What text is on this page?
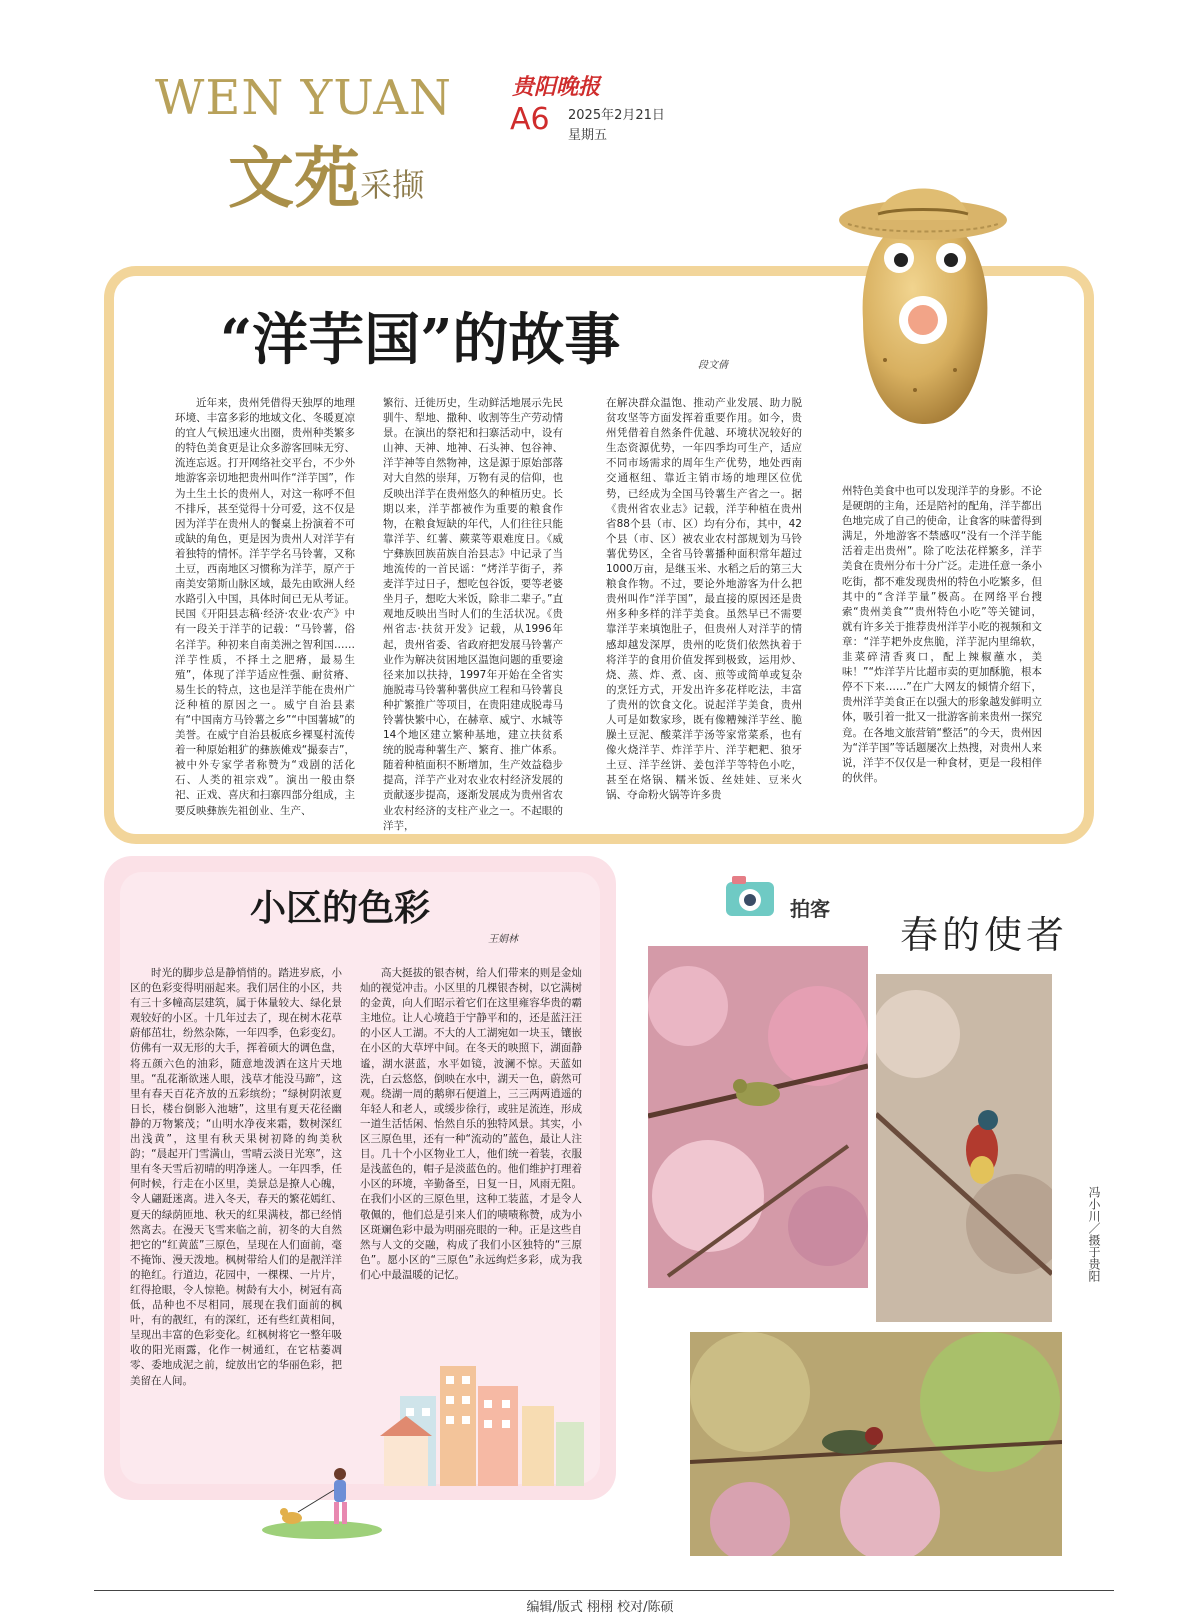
WEN YUAN
文苑 采撷
贵阳晚报
A6 2025年2月21日
星期五
“洋芋国”的故事	段文倩

近年来，贵州凭借得天独厚的地理环境、丰富多彩的地域文化、冬暖夏凉的宜人气候迅速火出圈，贵州种类繁多的特色美食更是让众多游客回味无穷、流连忘返。打开网络社交平台，不少外地游客亲切地把贵州叫作“洋芋国”，作为土生土长的贵州人，对这一称呼不但不排斥，甚至觉得十分可爱，这不仅是因为洋芋在贵州人的餐桌上扮演着不可或缺的角色，更是因为贵州人对洋芋有着独特的情怀。洋芋学名马铃薯，又称土豆，西南地区习惯称为洋芋，原产于南美安第斯山脉区域，最先由欧洲人经水路引入中国，具体时间已无从考证。民国《开阳县志稿·经济·农业·农产》中有一段关于洋芋的记载：“马铃薯，俗名洋芋。种初来自南美洲之智利国……洋芋性质，不择土之肥瘠，最易生殖”，体现了洋芋适应性强、耐贫瘠、易生长的特点，这也是洋芋能在贵州广泛种植的原因之一。威宁自治县素有“中国南方马铃薯之乡”“中国薯城”的美誉。在威宁自治县板底乡裸戛村流传着一种原始粗犷的彝族傩戏“撮泰吉”，被中外专家学者称赞为“戏剧的活化石、人类的祖宗戏”。演出一般由祭祀、正戏、喜庆和扫寨四部分组成，主要反映彝族先祖创业、生产、

繁衍、迁徙历史，生动鲜活地展示先民驯牛、犁地、撒种、收割等生产劳动情景。在演出的祭祀和扫寨活动中，设有山神、天神、地神、石头神、包谷神、洋芋神等自然物神，这是源于原始部落对大自然的崇拜，万物有灵的信仰，也反映出洋芋在贵州悠久的种植历史。长期以来，洋芋都被作为重要的粮食作物，在粮食短缺的年代，人们往往只能靠洋芋、红薯、蕨菜等艰难度日。《威宁彝族回族苗族自治县志》中记录了当地流传的一首民谣：“烤洋芋街子，荞麦洋芋过日子，想吃包谷饭，要等老婆坐月子，想吃大米饭，除非二辈子。”直观地反映出当时人们的生活状况。《贵州省志·扶贫开发》记载，从1996年起，贵州省委、省政府把发展马铃薯产业作为解决贫困地区温饱问题的重要途径来加以扶持，1997年开始在全省实施脱毒马铃薯种薯供应工程和马铃薯良种扩繁推广等项目，在贵阳建成脱毒马铃薯快繁中心，在赫章、威宁、水城等14个地区建立繁种基地，建立扶贫系统的脱毒种薯生产、繁育、推广体系。随着种植面积不断增加，生产效益稳步提高，洋芋产业对农业农村经济发展的贡献逐步提高，逐渐发展成为贵州省农业农村经济的支柱产业之一。不起眼的洋芋，

在解决群众温饱、推动产业发展、助力脱贫攻坚等方面发挥着重要作用。如今，贵州凭借着自然条件优越、环境状况较好的生态资源优势，一年四季均可生产，适应不同市场需求的周年生产优势，地处西南交通枢纽、靠近主销市场的地理区位优势，已经成为全国马铃薯生产省之一。据《贵州省农业志》记载，洋芋种植在贵州省88个县（市、区）均有分布，其中，42个县（市、区）被农业农村部规划为马铃薯优势区，全省马铃薯播种面积常年超过1000万亩，是继玉米、水稻之后的第三大粮食作物。不过，要论外地游客为什么把贵州叫作“洋芋国”，最直接的原因还是贵州多种多样的洋芋美食。虽然早已不需要靠洋芋来填饱肚子，但贵州人对洋芋的情感却越发深厚，贵州的吃货们依然执着于将洋芋的食用价值发挥到极致，运用炒、烧、蒸、炸、煮、卤、煎等或简单或复杂的烹饪方式，开发出许多花样吃法，丰富了贵州的饮食文化。说起洋芋美食，贵州人可是如数家珍，既有像糟辣洋芋丝、脆臊土豆泥、酸菜洋芋汤等家常菜系，也有像火烧洋芋、炸洋芋片、洋芋粑粑、狼牙土豆、洋芋丝饼、姜包洋芋等特色小吃，甚至在烙锅、糯米饭、丝娃娃、豆米火锅、夺命粉火锅等许多贵

州特色美食中也可以发现洋芋的身影。不论是硬朗的主角，还是陪衬的配角，洋芋都出色地完成了自己的使命，让食客的味蕾得到满足，外地游客不禁感叹“没有一个洋芋能活着走出贵州”。除了吃法花样繁多，洋芋美食在贵州分布十分广泛。走进任意一条小吃街，都不难发现贵州的特色小吃繁多，但其中的“含洋芋量”极高。在网络平台搜索“贵州美食”“贵州特色小吃”等关键词，就有许多关于推荐贵州洋芋小吃的视频和文章：“洋芋耙外皮焦脆，洋芋泥内里绵软，韭菜碎清香爽口，配上辣椒蘸水，美味！”“炸洋芋片比超市卖的更加酥脆，根本停不下来……”在广大网友的倾情介绍下，贵州洋芋美食正在以强大的形象越发鲜明立体，吸引着一批又一批游客前来贵州一探究竟。在各地文旅营销“整活”的今天，贵州因为“洋芋国”等话题屡次上热搜，对贵州人来说，洋芋不仅仅是一种食材，更是一段相伴的伙伴。

小区的色彩
王娟林

时光的脚步总是静悄悄的。踏进岁底，小区的色彩变得明丽起来。我们居住的小区，共有三十多幢高层建筑，属于体量较大、绿化景观较好的小区。十几年过去了，现在树木花草蔚郁茁壮，纷然杂陈，一年四季，色彩变幻。仿佛有一双无形的大手，挥着硕大的调色盘，将五颜六色的油彩，随意地泼洒在这片天地里。“乱花渐欲迷人眼，浅草才能没马蹄”，这里有春天百花齐放的五彩缤纷；“绿树阴浓夏日长，楼台倒影入池塘”，这里有夏天花径幽静的万物繁茂；“山明水净夜来霜，数树深红出浅黄”，这里有秋天果树初降的绚美秋韵；“晨起开门雪满山，雪晴云淡日光寒”，这里有冬天雪后初晴的明净迷人。一年四季，任何时候，行走在小区里，美景总是撩人心魄，令人翩跹迷离。进入冬天，春天的繁花嫣红、夏天的绿荫匝地、秋天的红果满枝，都已经悄然离去。在漫天飞雪来临之前，初冬的大自然把它的“红黄蓝”三原色，呈现在人们面前，毫不掩饰、漫天泼地。枫树带给人们的是靓洋洋的艳红。行道边，花园中，一棵棵、一片片，红得抢眼，令人惊艳。树龄有大小，树冠有高低，品种也不尽相同，展现在我们面前的枫叶，有的靓红，有的深红，还有些红黄相间，呈现出丰富的色彩变化。红枫树将它一整年吸收的阳光雨露，化作一树通红，在它枯萎凋零、委地成泥之前，绽放出它的华丽色彩，把美留在人间。

高大挺拔的银杏树，给人们带来的则是金灿灿的视觉冲击。小区里的几棵银杏树，以它满树的金黄，向人们昭示着它们在这里雍容华贵的霸主地位。让人心境趋于宁静平和的，还是蓝汪汪的小区人工湖。不大的人工湖宛如一块玉，镶嵌在小区的大草坪中间。在冬天的映照下，湖面静谧，湖水湛蓝，水平如镜，波澜不惊。天蓝如洗，白云悠悠，倒映在水中，湖天一色，蔚然可观。绕湖一周的鹅卵石便道上，三三两两逍遥的年轻人和老人，或缓步徐行，或驻足流连，形成一道生活恬闲、怡然自乐的独特风景。其实，小区三原色里，还有一种“流动的”蓝色，最让人注目。几十个小区物业工人，他们统一着装，衣服是浅蓝色的，帽子是淡蓝色的。他们维护打理着小区的环境，辛勤备至，日复一日，风雨无阻。在我们小区的三原色里，这种工装蓝，才是令人敬佩的，他们总是引来人们的啧啧称赞，成为小区斑斓色彩中最为明丽亮眼的一种。正是这些自然与人文的交融，构成了我们小区独特的“三原色”。愿小区的“三原色”永远绚烂多彩，成为我们心中最温暖的记忆。

拍客
春的使者
冯小川／摄于贵阳
编辑/版式 栩栩 校对/陈硕
